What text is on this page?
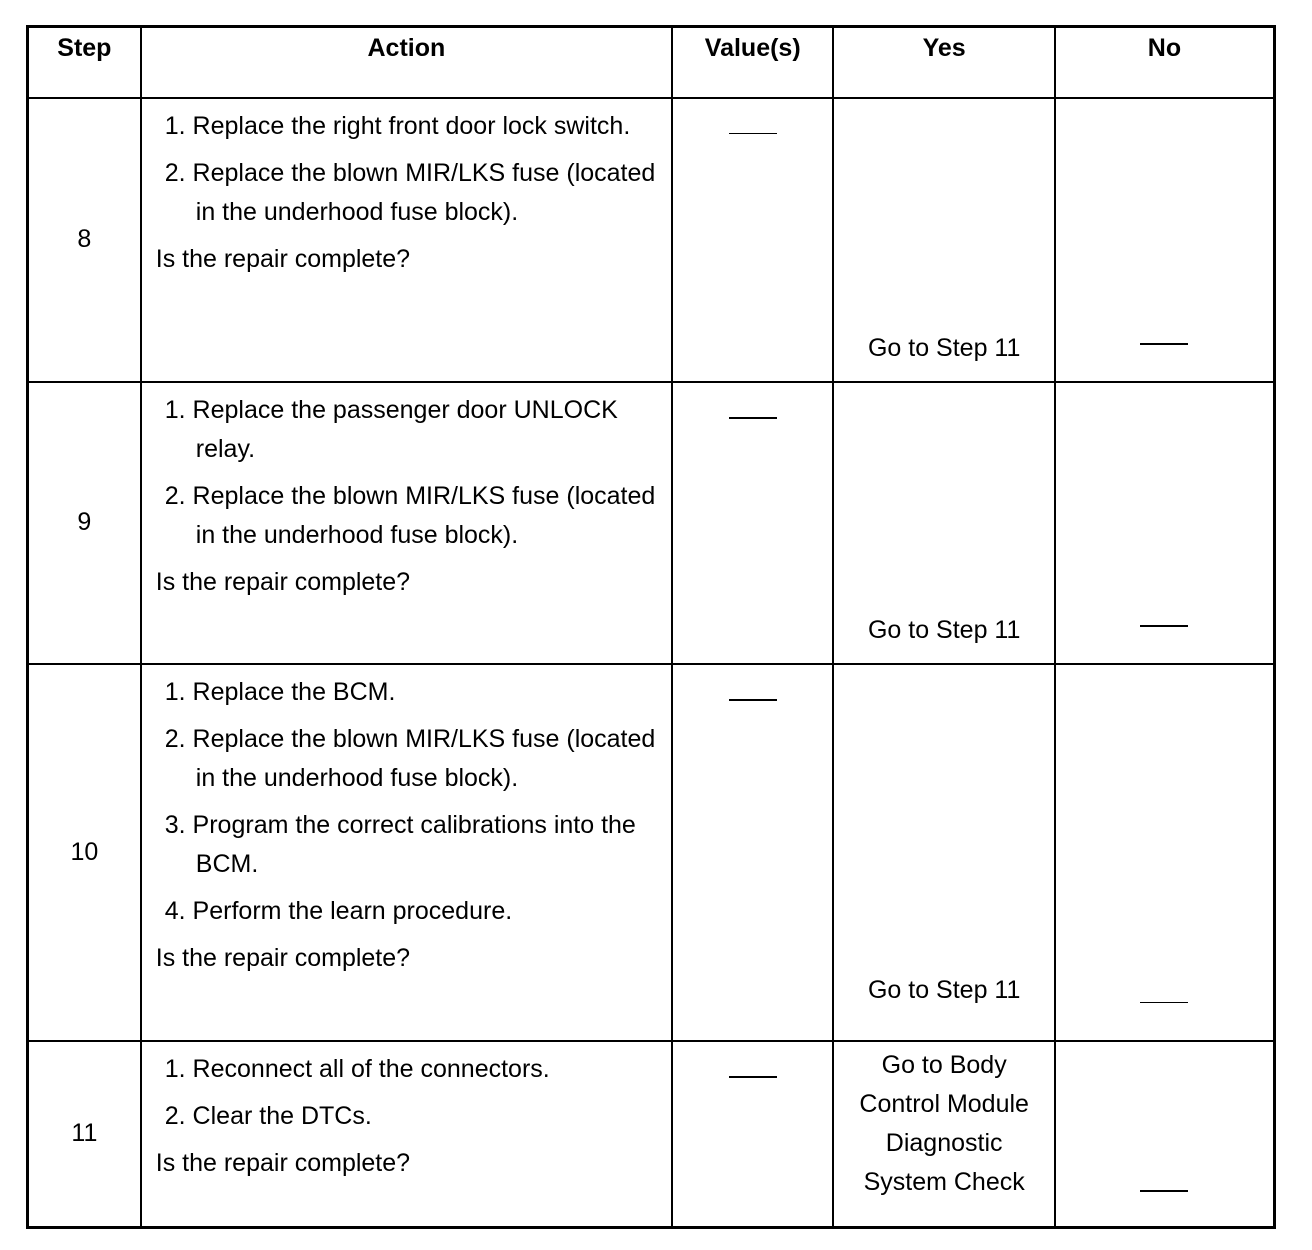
Step	Action	Value(s)	Yes	No
8	1. Replace the right front door lock switch.
2. Replace the blown MIR/LKS fuse (located in the underhood fuse block).
Is the repair complete?		Go to Step 11	

9	1. Replace the passenger door UNLOCK relay.
2. Replace the blown MIR/LKS fuse (located in the underhood fuse block).
Is the repair complete?		Go to Step 11	

10	1. Replace the BCM.
2. Replace the blown MIR/LKS fuse (located in the underhood fuse block).
3. Program the correct calibrations into the BCM.
4. Perform the learn procedure.
Is the repair complete?		Go to Step 11	

11	1. Reconnect all of the connectors.
2. Clear the DTCs.
Is the repair complete?		Go to Body Control Module Diagnostic System Check	
